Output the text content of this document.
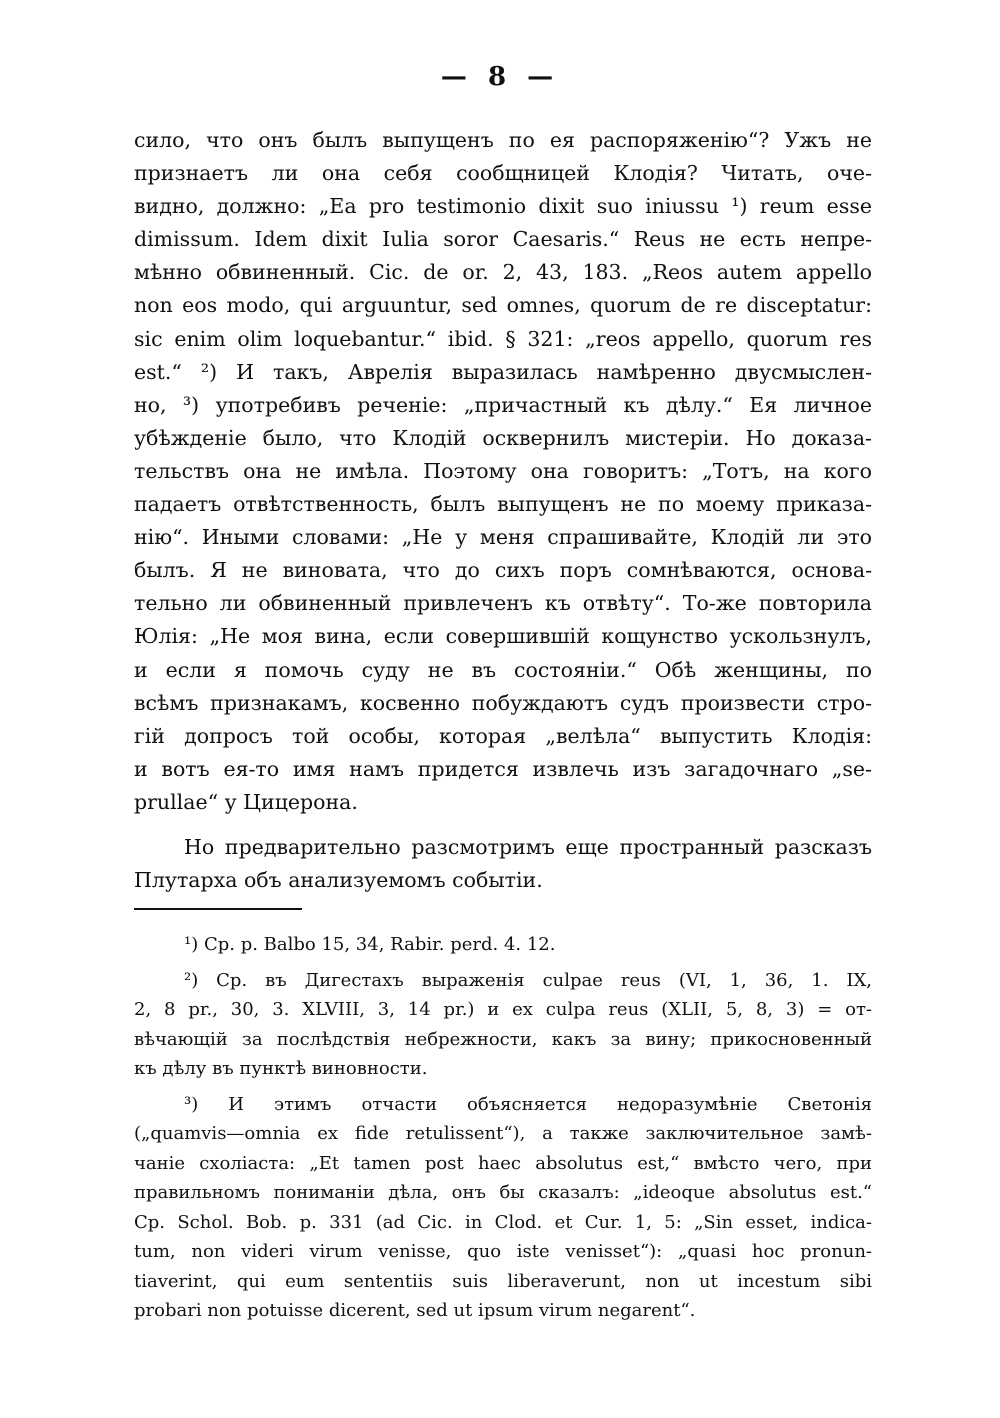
— 8 —
сило, что онъ былъ выпущенъ по ея распоряженію“? Ужъ не
признаетъ ли она себя сообщницей Клодія? Читать, оче-
видно, должно: „Ea pro testimonio dixit suo iniussu ¹) reum esse
dimissum. Idem dixit Iulia soror Caesaris.“ Reus не есть непре-
мѣнно обвиненный. Cic. de or. 2, 43, 183. „Reos autem appello
non eos modo, qui arguuntur, sed omnes, quorum de re disceptatur:
sic enim olim loquebantur.“ ibid. § 321: „reos appello, quorum res
est.“ ²) И такъ, Аврелія выразилась намѣренно двусмыслен-
но, ³) употребивъ реченіе: „причастный къ дѣлу.“ Ея личное
убѣжденіе было, что Клодій осквернилъ мистеріи. Но доказа-
тельствъ она не имѣла. Поэтому она говоритъ: „Тотъ, на кого
падаетъ отвѣтственность, былъ выпущенъ не по моему приказа-
нію“. Иными словами: „Не у меня спрашивайте, Клодій ли это
былъ. Я не виновата, что до сихъ поръ сомнѣваются, основа-
тельно ли обвиненный привлеченъ къ отвѣту“. То-же повторила
Юлія: „Не моя вина, если совершившій кощунство ускользнулъ,
и если я помочь суду не въ состояніи.“ Обѣ женщины, по
всѣмъ признакамъ, косвенно побуждаютъ судъ произвести стро-
гій допросъ той особы, которая „велѣла“ выпустить Клодія:
и вотъ ея-то имя намъ придется извлечь изъ загадочнаго „se-
prullae“ у Цицерона.
Но предварительно разсмотримъ еще пространный разсказъ
Плутарха объ анализуемомъ событіи.
¹) Ср. p. Balbo 15, 34, Rabir. perd. 4. 12.
²) Ср. въ Дигестахъ выраженія culpae reus (VI, 1, 36, 1. IX,
2, 8 pr., 30, 3. XLVIII, 3, 14 pr.) и ex culpa reus (XLII, 5, 8, 3) = от-
вѣчающій за послѣдствія небрежности, какъ за вину; прикосновенный
къ дѣлу въ пунктѣ виновности.
³) И этимъ отчасти объясняется недоразумѣніе Светонія
(„quamvis—omnia ex fide retulissent“), а также заключительное замѣ-
чаніе схоліаста: „Et tamen post haec absolutus est,“ вмѣсто чего, при
правильномъ пониманіи дѣла, онъ бы сказалъ: „ideoque absolutus est.“
Ср. Schol. Bob. p. 331 (ad Cic. in Clod. et Cur. 1, 5: „Sin esset, indica-
tum, non videri virum venisse, quo iste venisset“): „quasi hoc pronun-
tiaverint, qui eum sententiis suis liberaverunt, non ut incestum sibi
probari non potuisse dicerent, sed ut ipsum virum negarent“.
